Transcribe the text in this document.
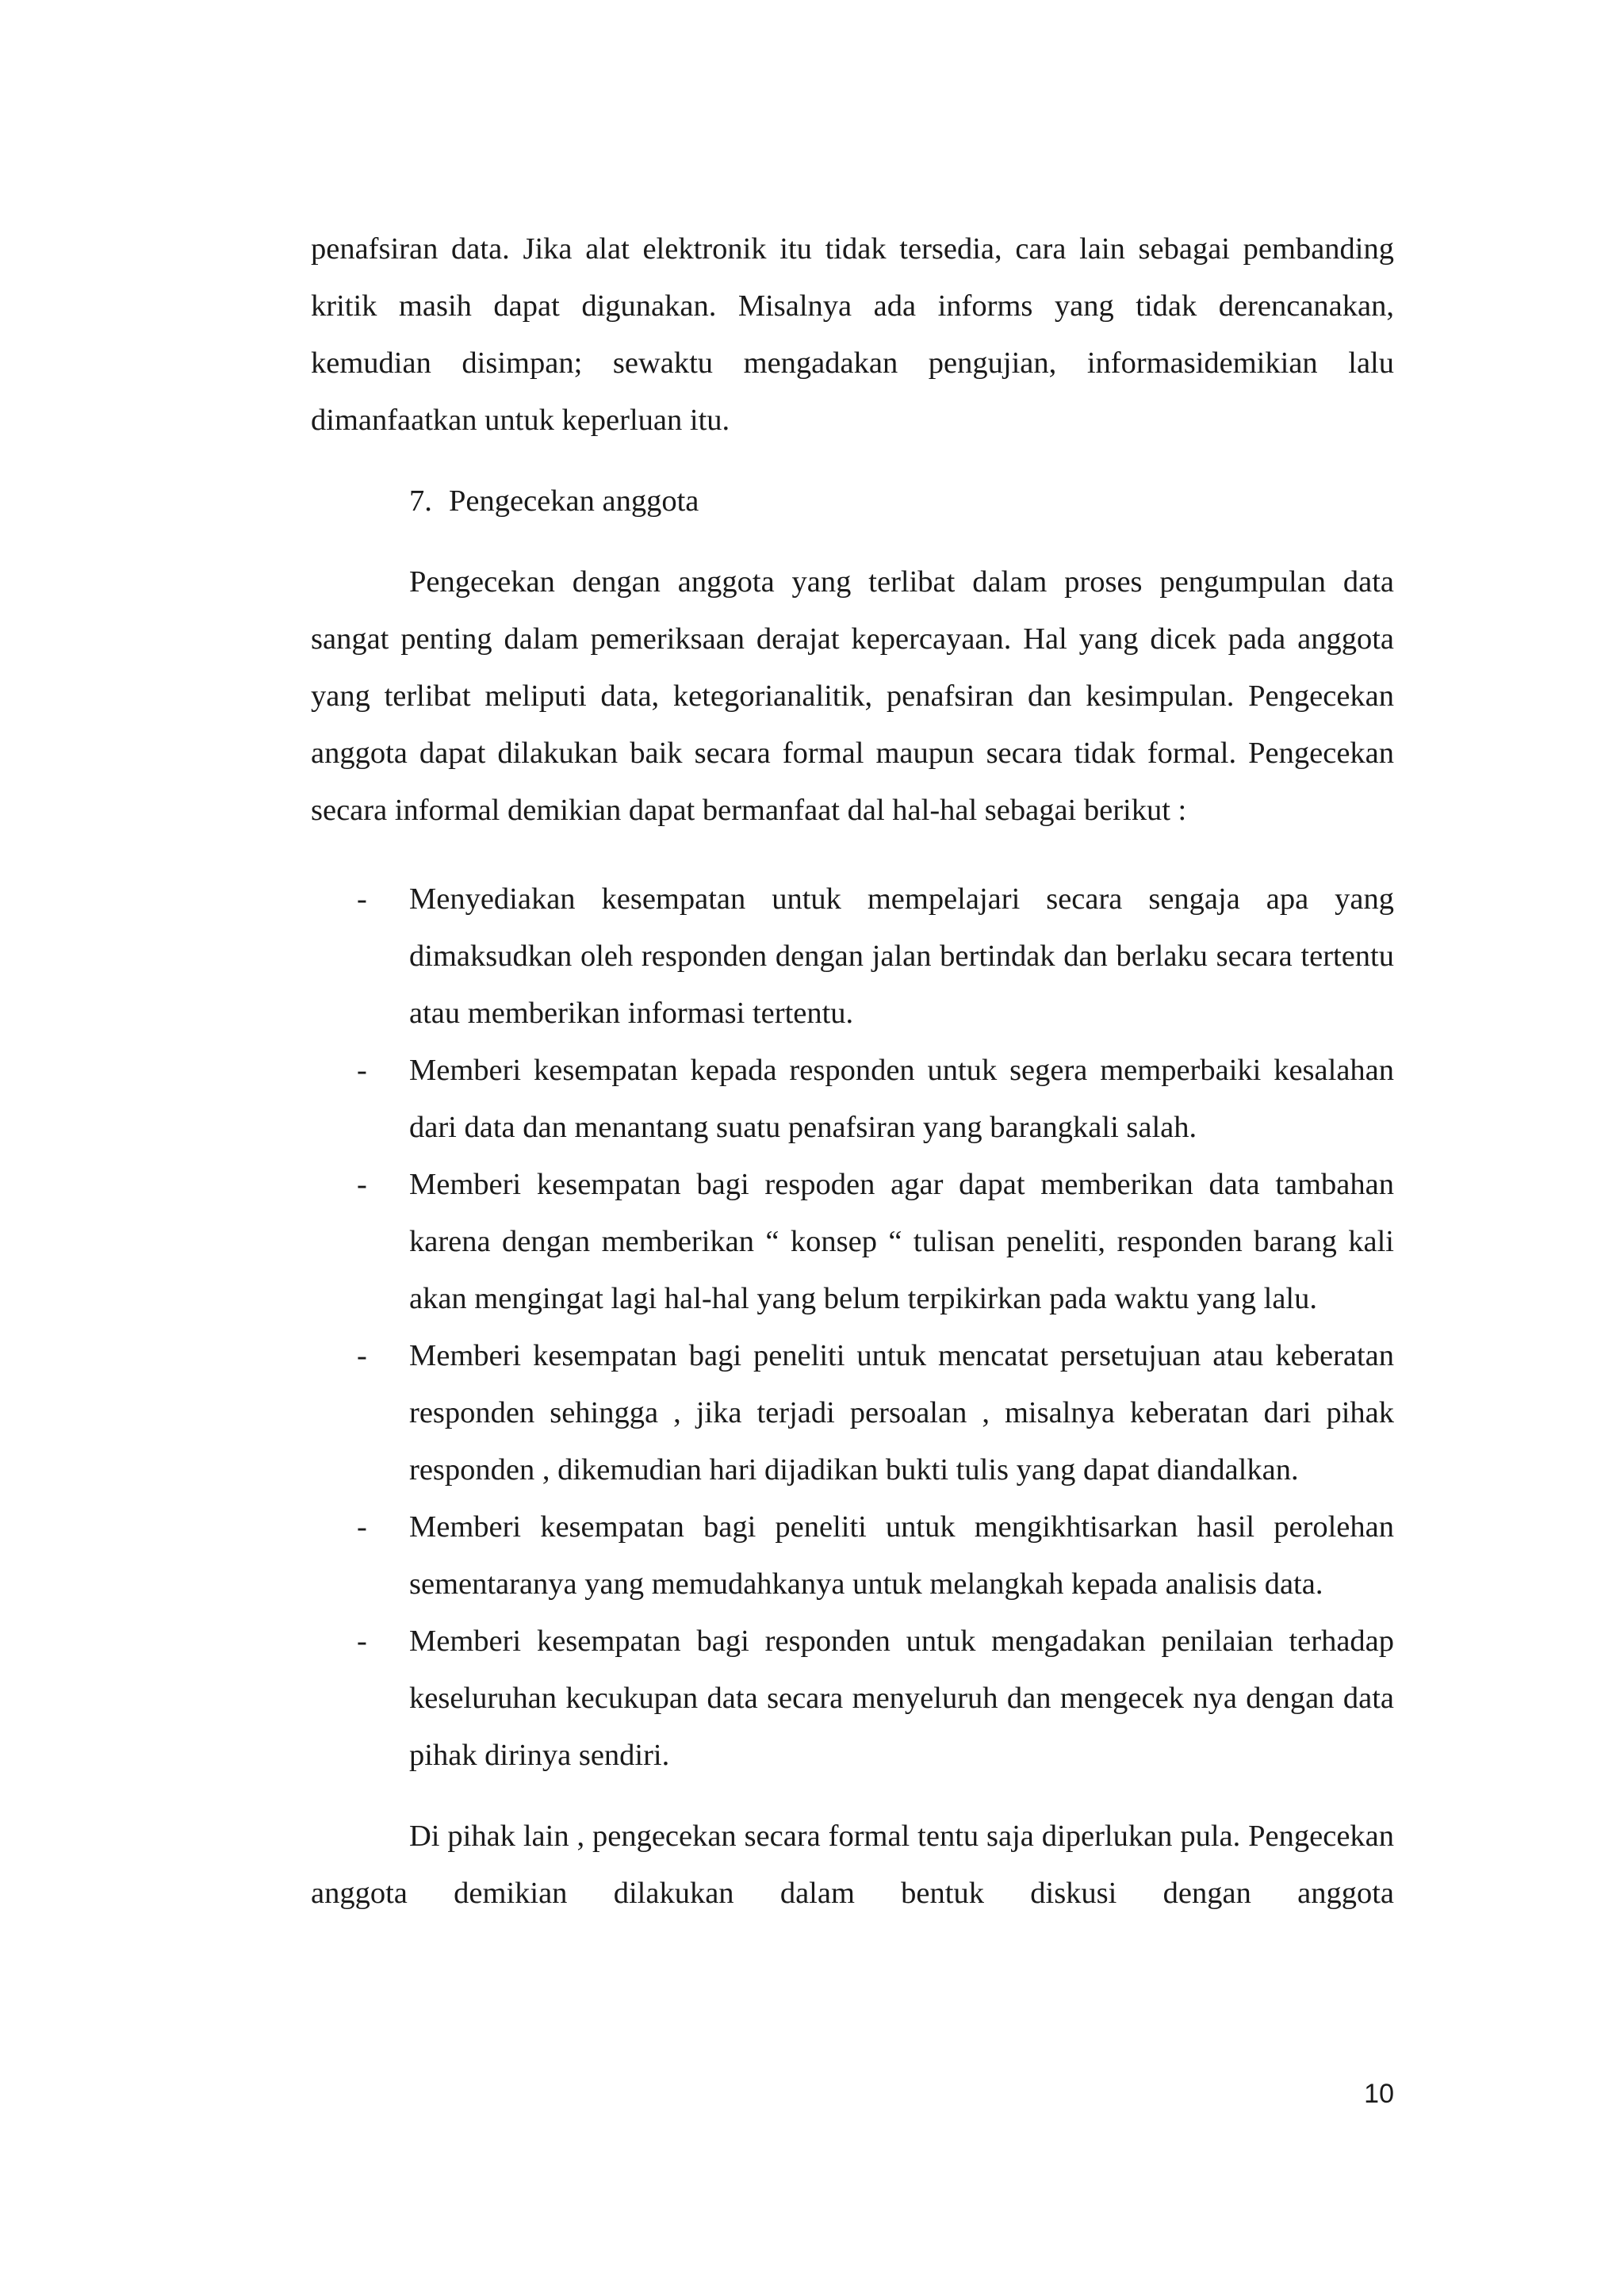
penafsiran data. Jika alat elektronik itu tidak tersedia, cara lain sebagai pembanding kritik masih dapat digunakan. Misalnya ada informs yang tidak derencanakan, kemudian disimpan; sewaktu mengadakan pengujian, informasidemikian lalu dimanfaatkan untuk keperluan itu.

7. Pengecekan anggota

Pengecekan dengan anggota yang terlibat dalam proses pengumpulan data sangat penting dalam pemeriksaan derajat kepercayaan. Hal yang dicek pada anggota yang terlibat meliputi data, ketegorianalitik, penafsiran dan kesimpulan. Pengecekan anggota dapat dilakukan baik secara formal maupun secara tidak formal. Pengecekan secara informal demikian dapat bermanfaat dal hal-hal sebagai berikut :

- Menyediakan kesempatan untuk mempelajari secara sengaja apa yang dimaksudkan oleh responden dengan jalan bertindak dan berlaku secara tertentu atau memberikan informasi tertentu.
- Memberi kesempatan kepada responden untuk segera memperbaiki kesalahan dari data dan menantang suatu penafsiran yang barangkali salah.
- Memberi kesempatan bagi respoden agar dapat memberikan data tambahan karena dengan memberikan “ konsep “ tulisan peneliti, responden barang kali akan mengingat lagi hal-hal yang belum terpikirkan pada waktu yang lalu.
- Memberi kesempatan bagi peneliti untuk mencatat persetujuan atau keberatan responden sehingga , jika terjadi persoalan , misalnya keberatan dari pihak responden , dikemudian hari dijadikan bukti tulis yang dapat diandalkan.
- Memberi kesempatan bagi peneliti untuk mengikhtisarkan hasil perolehan sementaranya yang memudahkanya untuk melangkah kepada analisis data.
- Memberi kesempatan bagi responden untuk mengadakan penilaian terhadap keseluruhan kecukupan data secara menyeluruh dan mengecek nya dengan data pihak dirinya sendiri.

Di pihak lain , pengecekan secara formal tentu saja diperlukan pula. Pengecekan anggota demikian dilakukan dalam bentuk diskusi dengan anggota

10
